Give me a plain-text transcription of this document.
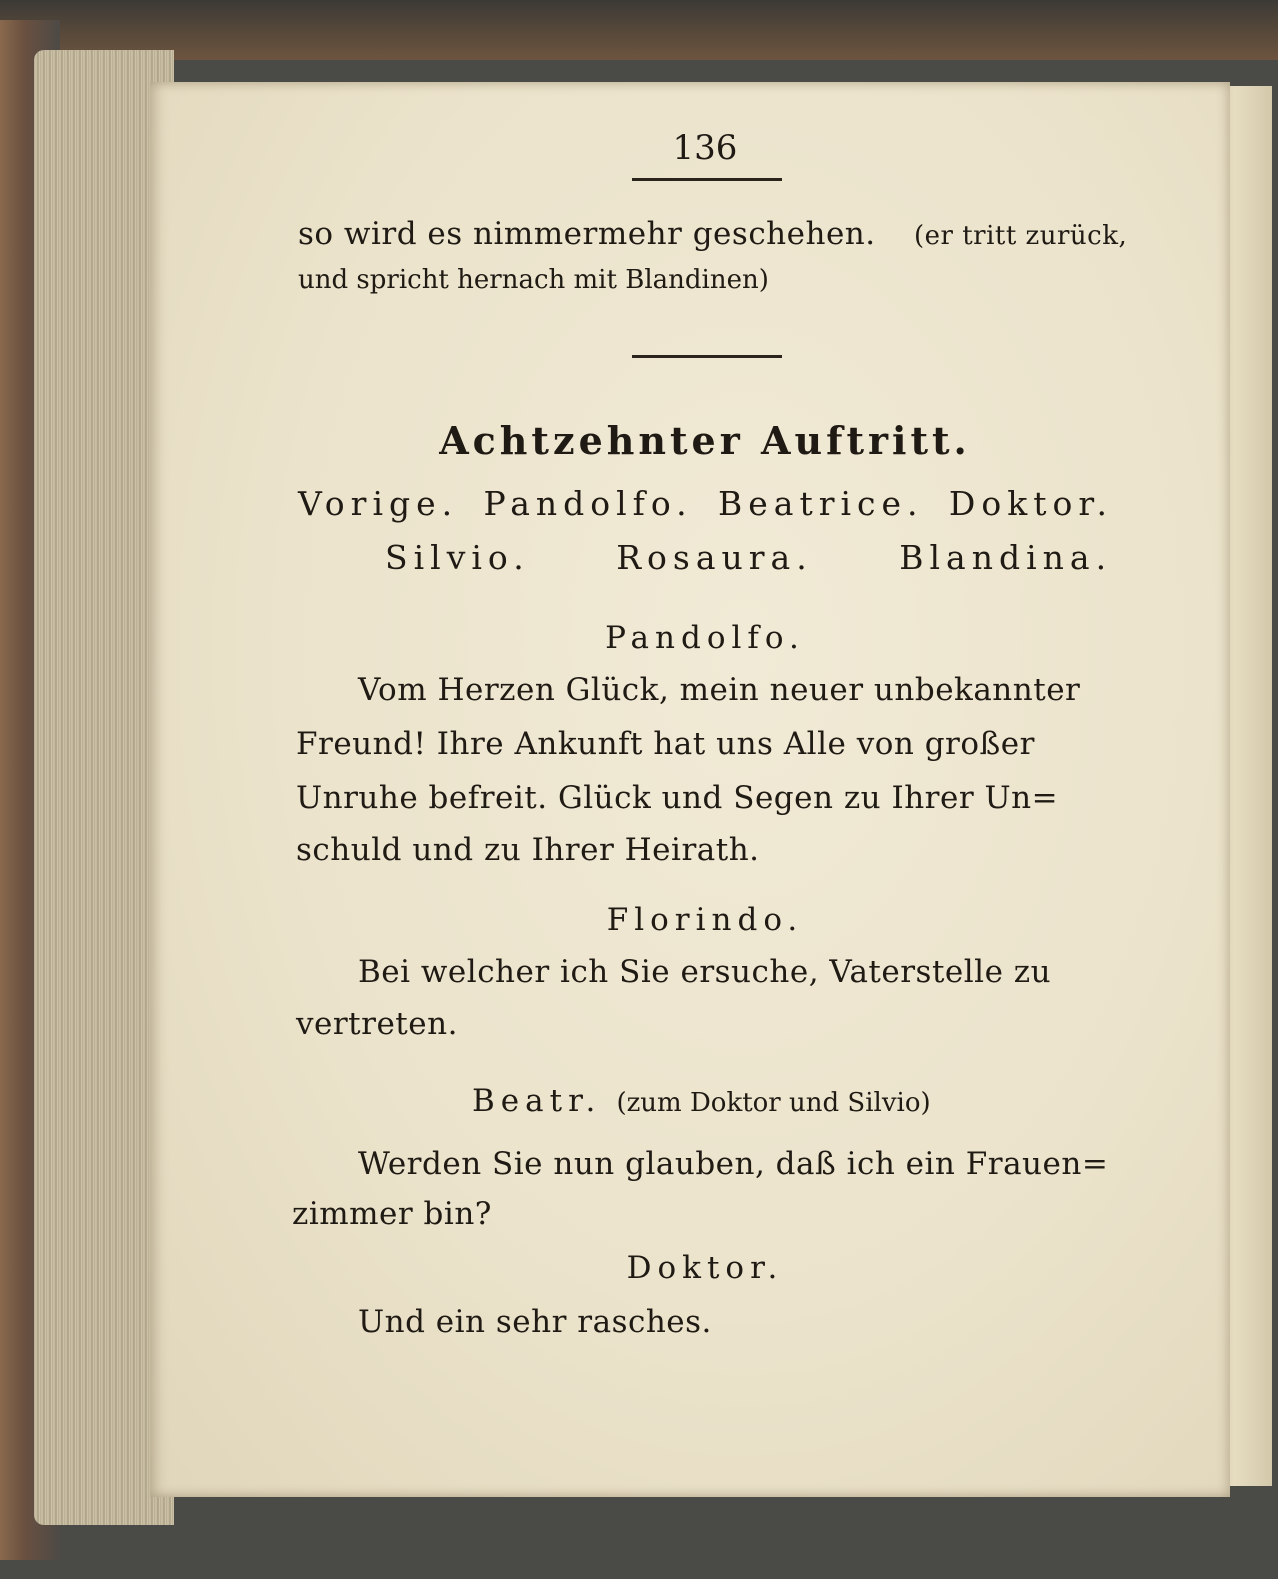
136
so wird es nimmermehr geschehen. (er tritt zurück,
und spricht hernach mit Blandinen)
Achtzehnter Auftritt.
Vorige. Pandolfo. Beatrice. Doktor.
Silvio.	Rosaura.	Blandina.
Pandolfo.
Vom Herzen Glück, mein neuer unbekannter
Freund! Ihre Ankunft hat uns Alle von großer
Unruhe befreit. Glück und Segen zu Ihrer Un=
schuld und zu Ihrer Heirath.
Florindo.
Bei welcher ich Sie ersuche, Vaterstelle zu
vertreten.
Beatr. (zum Doktor und Silvio)
Werden Sie nun glauben, daß ich ein Frauen=
zimmer bin?
Doktor.
Und ein sehr rasches.
